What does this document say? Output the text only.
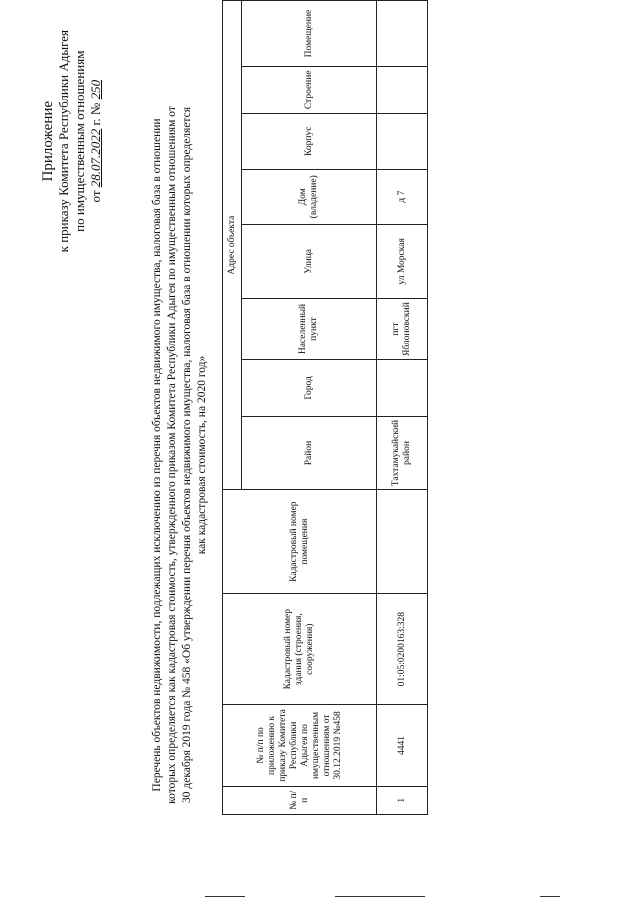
Приложение к приказу Комитета Республики Адыгея по имущественным отношениям от 28.07.2022 г. № 250
Перечень объектов недвижимости, подлежащих исключению из перечня объектов недвижимого имущества, налоговая база в отношении которых определяется как кадастровая стоимость, утвержденного приказом Комитета Республики Адыгея по имущественным отношениям от 30 декабря 2019 года № 458 «Об утверждении перечня объектов недвижимого имущества, налоговая база в отношении которых определяется как кадастровая стоимость, на 2020 год»
№ п/п	№ п/п по приложению к приказу Комитета Республики Адыгея по имущественным отношениям от 30.12.2019 №458	Кадастровый номер здания (строения, сооружения)	Кадастровый номер помещения	Адрес объекта							
				Район	Город	Населенный пункт	Улица	Дом (владение)	Корпус	Строение	Помещение
1	4441	01:05:0200163:328		Тахтамукайский район		пгт Яблоновский	ул Морская	д 7			
